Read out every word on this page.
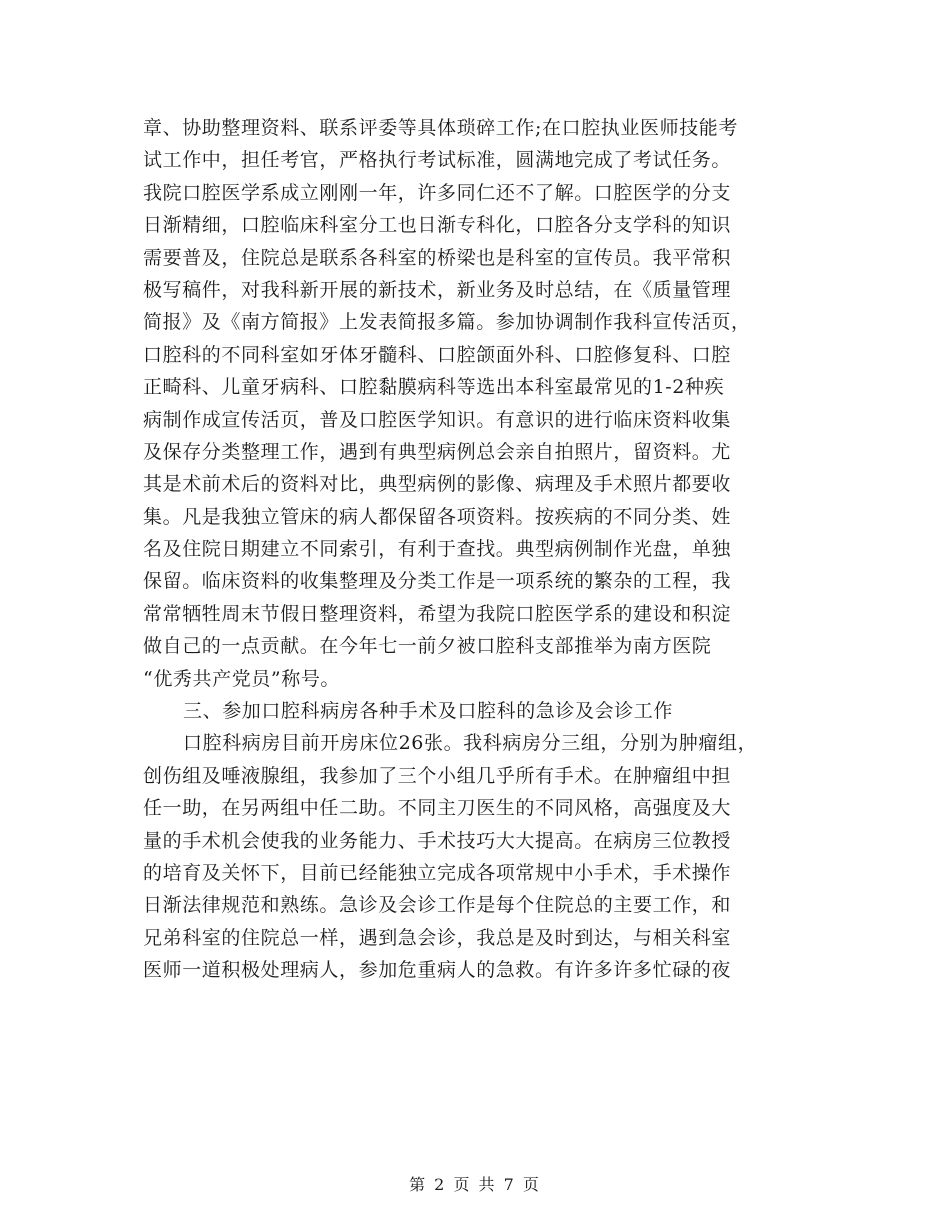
章、协助整理资料、联系评委等具体琐碎工作;在口腔执业医师技能考
试工作中，担任考官，严格执行考试标准，圆满地完成了考试任务。
我院口腔医学系成立刚刚一年，许多同仁还不了解。口腔医学的分支
日渐精细，口腔临床科室分工也日渐专科化，口腔各分支学科的知识
需要普及，住院总是联系各科室的桥梁也是科室的宣传员。我平常积
极写稿件，对我科新开展的新技术，新业务及时总结，在《质量管理
简报》及《南方简报》上发表简报多篇。参加协调制作我科宣传活页，
口腔科的不同科室如牙体牙髓科、口腔颌面外科、口腔修复科、口腔
正畸科、儿童牙病科、口腔黏膜病科等选出本科室最常见的1-2种疾
病制作成宣传活页，普及口腔医学知识。有意识的进行临床资料收集
及保存分类整理工作，遇到有典型病例总会亲自拍照片，留资料。尤
其是术前术后的资料对比，典型病例的影像、病理及手术照片都要收
集。凡是我独立管床的病人都保留各项资料。按疾病的不同分类、姓
名及住院日期建立不同索引，有利于查找。典型病例制作光盘，单独
保留。临床资料的收集整理及分类工作是一项系统的繁杂的工程，我
常常牺牲周末节假日整理资料，希望为我院口腔医学系的建设和积淀
做自己的一点贡献。在今年七一前夕被口腔科支部推举为南方医院
“优秀共产党员”称号。
三、参加口腔科病房各种手术及口腔科的急诊及会诊工作
口腔科病房目前开房床位26张。我科病房分三组，分别为肿瘤组，
创伤组及唾液腺组，我参加了三个小组几乎所有手术。在肿瘤组中担
任一助，在另两组中任二助。不同主刀医生的不同风格，高强度及大
量的手术机会使我的业务能力、手术技巧大大提高。在病房三位教授
的培育及关怀下，目前已经能独立完成各项常规中小手术，手术操作
日渐法律规范和熟练。急诊及会诊工作是每个住院总的主要工作，和
兄弟科室的住院总一样，遇到急会诊，我总是及时到达，与相关科室
医师一道积极处理病人，参加危重病人的急救。有许多许多忙碌的夜
第 2 页 共 7 页
